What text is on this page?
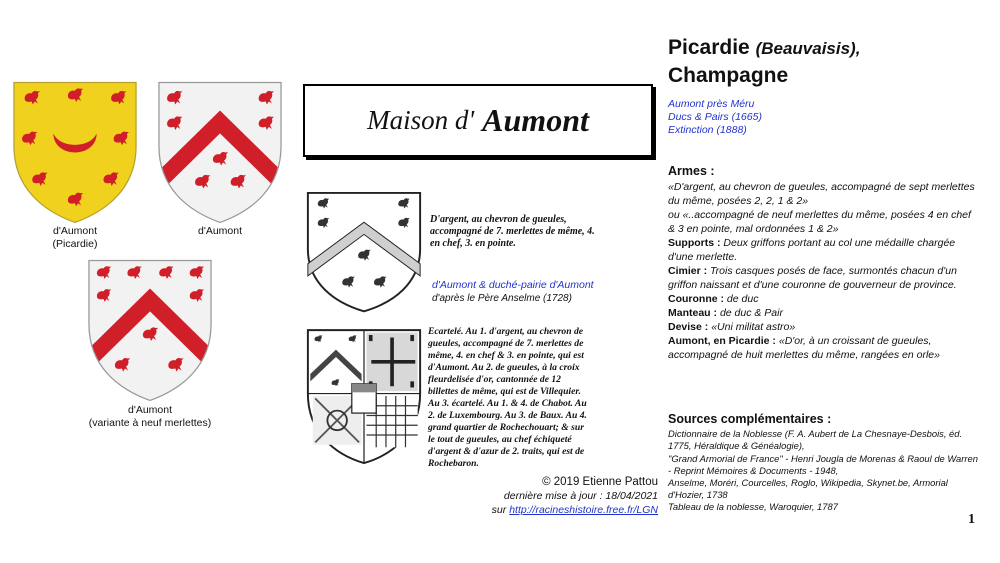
d'Aumont
(Picardie)
d'Aumont
d'Aumont
(variante à neuf merlettes)
Maison d' Aumont
D'argent, au chevron de gueules, accompagné de 7. merlettes de même, 4. en chef, 3. en pointe.
d'Aumont & duché-pairie d'Aumont
d'après le Père Anselme (1728)
Ecartelé. Au 1. d'argent, au chevron de gueules, accompagné de 7. merlettes de même, 4. en chef & 3. en pointe, qui est d'Aumont. Au 2. de gueules, à la croix fleurdelisée d'or, cantonnée de 12 billettes de même, qui est de Villequier. Au 3. écartelé. Au 1. & 4. de Chabot. Au 2. de Luxembourg. Au 3. de Baux. Au 4. grand quartier de Rochechouart; & sur le tout de gueules, au chef échiqueté d'argent & d'azur de 2. traits, qui est de Rochebaron.
Picardie (Beauvaisis),
Champagne
Aumont près Méru
Ducs & Pairs (1665)
Extinction (1888)
Armes :
«D'argent, au chevron de gueules, accompagné de sept merlettes du même, posées 2, 2, 1 & 2»
ou «..accompagné de neuf merlettes du même, posées 4 en chef & 3 en pointe, mal ordonnées 1 & 2»
Supports : Deux griffons portant au col une médaille chargée d'une merlette.
Cimier : Trois casques posés de face, surmontés chacun d'un griffon naissant et d'une couronne de gouverneur de province.
Couronne : de duc
Manteau : de duc & Pair
Devise : «Uni militat astro»
Aumont, en Picardie : «D'or, à un croissant de gueules, accompagné de huit merlettes du même, rangées en orle»
Sources complémentaires :
Dictionnaire de la Noblesse (F. A. Aubert de La Chesnaye-Desbois, éd. 1775, Héraldique & Généalogie),
"Grand Armorial de France" - Henri Jougla de Morenas & Raoul de Warren - Reprint Mémoires & Documents - 1948,
Anselme, Moréri, Courcelles, Roglo, Wikipedia, Skynet.be, Armorial d'Hozier, 1738
Tableau de la noblesse, Waroquier, 1787
© 2019 Etienne Pattou
dernière mise à jour : 18/04/2021
sur http://racineshistoire.free.fr/LGN
1
